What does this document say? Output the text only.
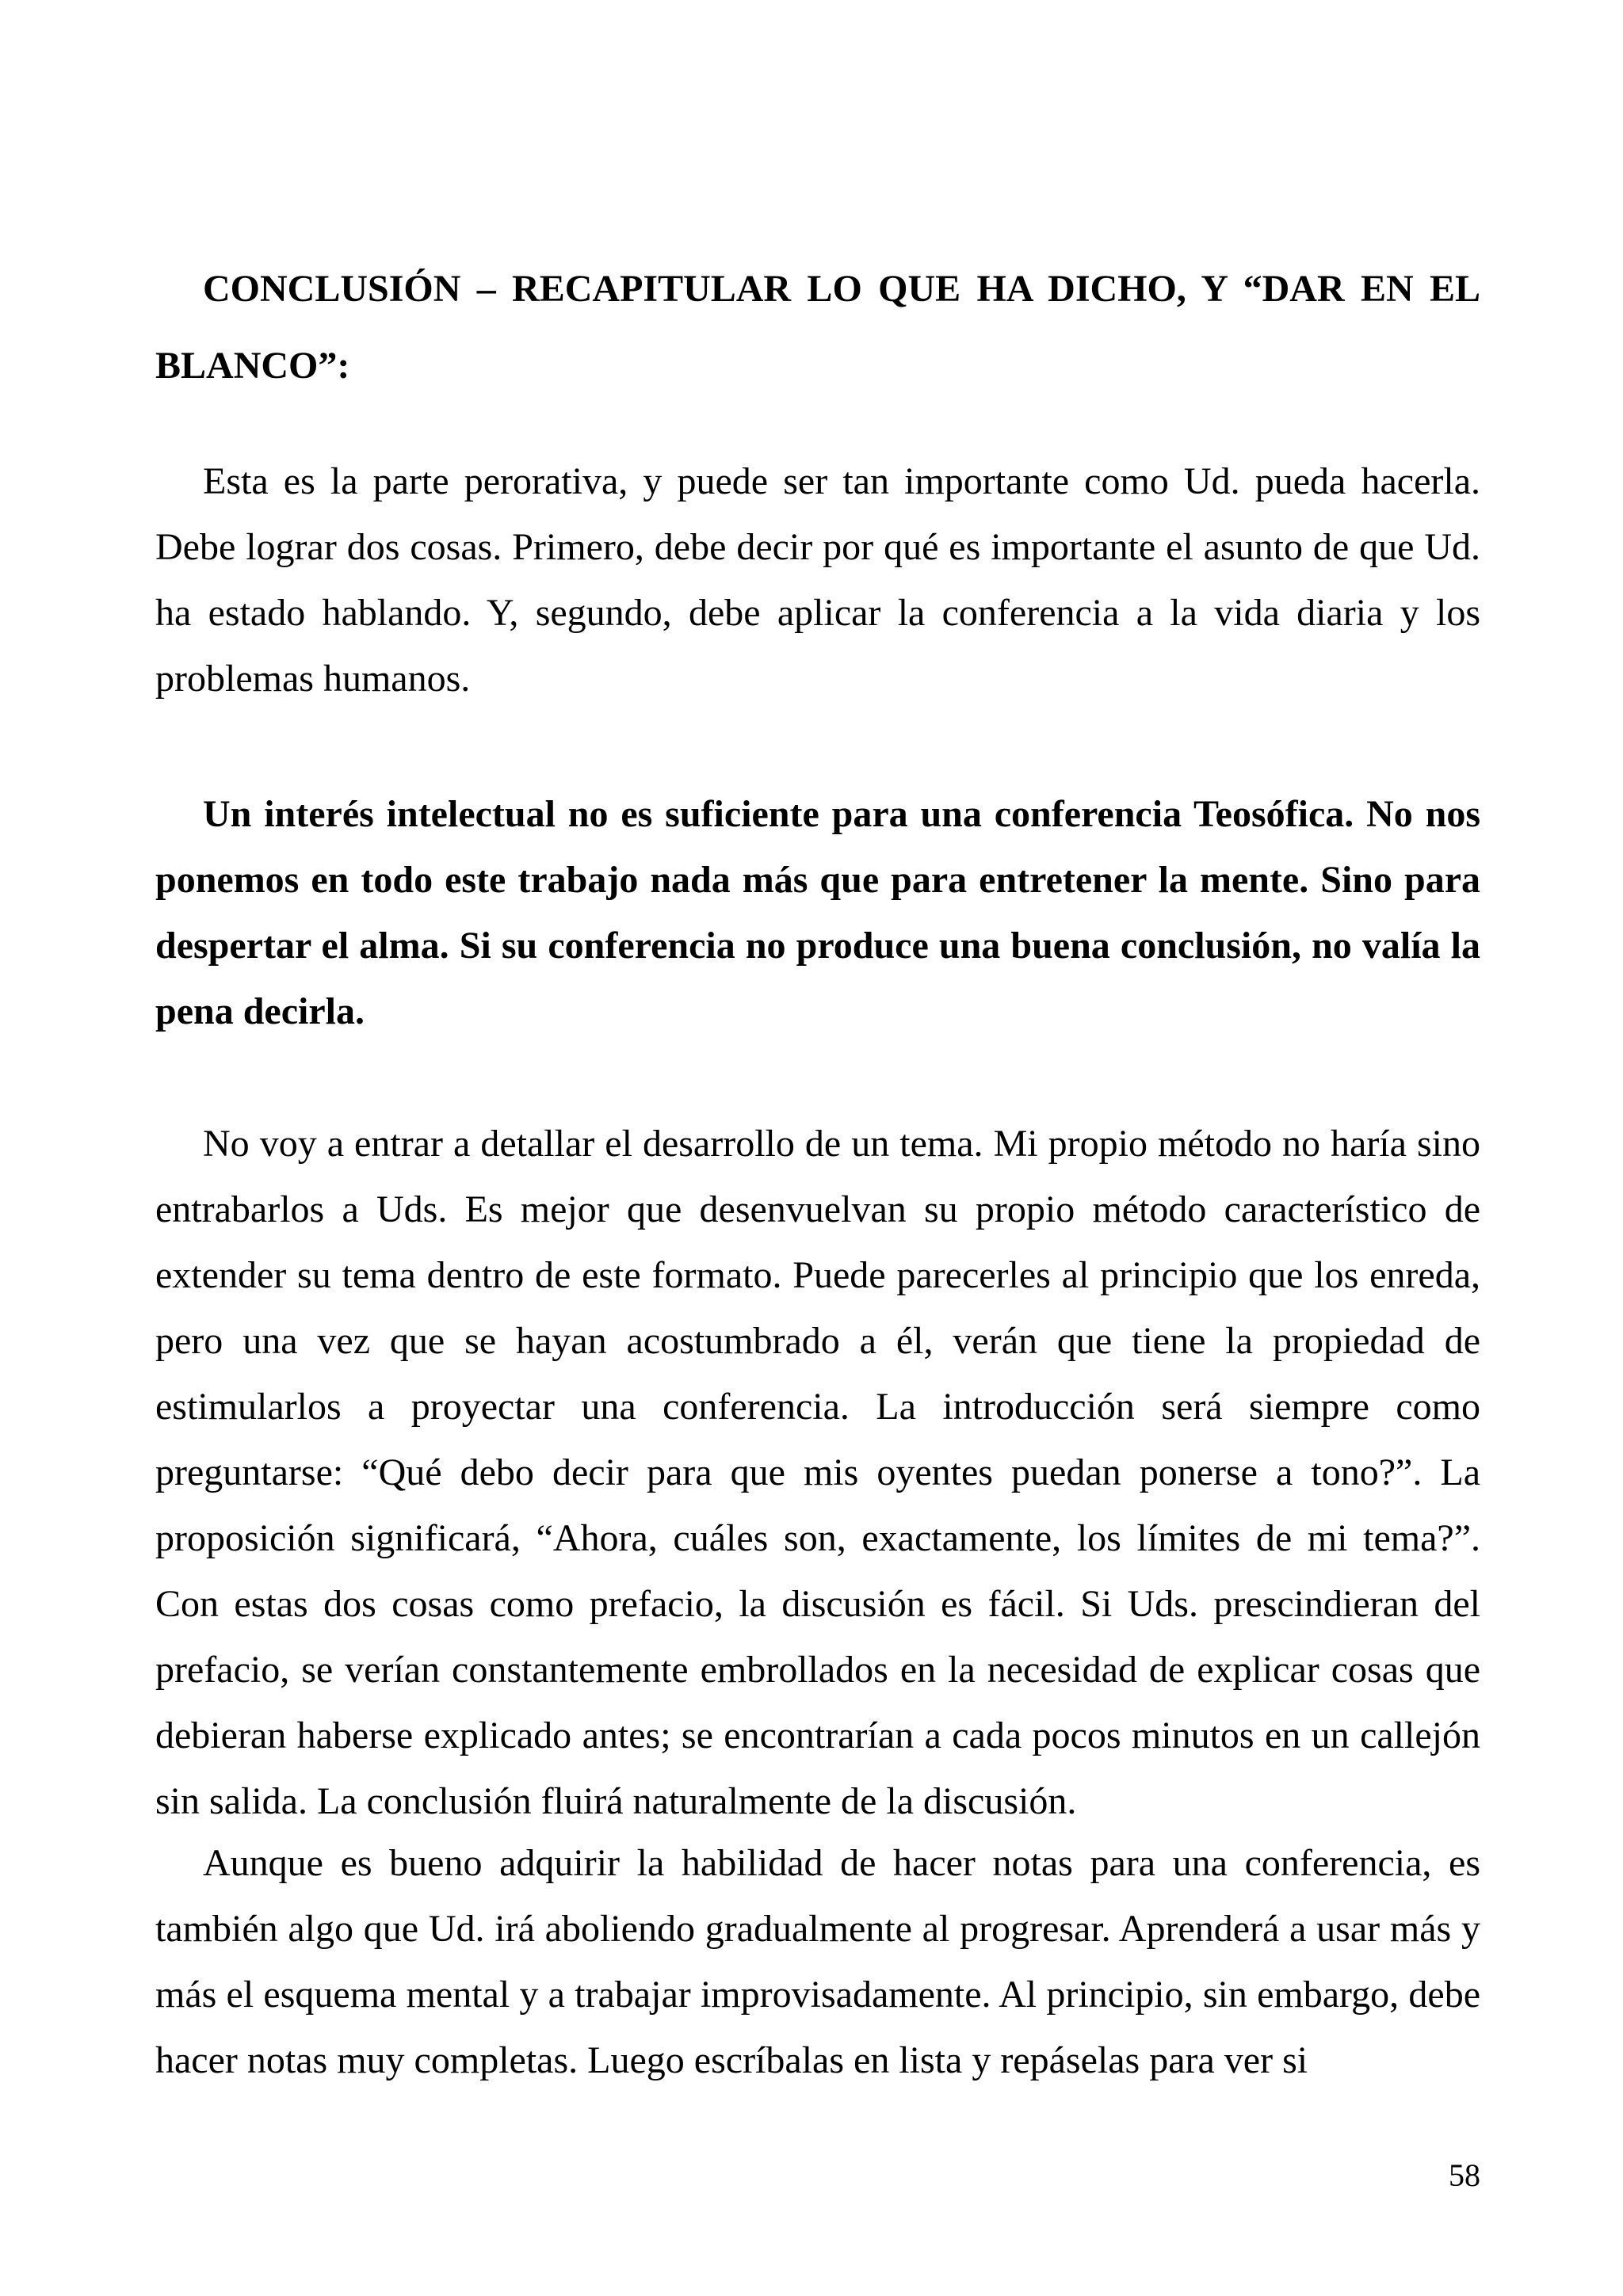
CONCLUSIÓN – RECAPITULAR LO QUE HA DICHO, Y “DAR EN EL BLANCO”:

Esta es la parte perorativa, y puede ser tan importante como Ud. pueda hacerla. Debe lograr dos cosas. Primero, debe decir por qué es importante el asunto de que Ud. ha estado hablando. Y, segundo, debe aplicar la conferencia a la vida diaria y los problemas humanos.

Un interés intelectual no es suficiente para una conferencia Teosófica. No nos ponemos en todo este trabajo nada más que para entretener la mente. Sino para despertar el alma. Si su conferencia no produce una buena conclusión, no valía la pena decirla.

No voy a entrar a detallar el desarrollo de un tema. Mi propio método no haría sino entrabarlos a Uds. Es mejor que desenvuelvan su propio método característico de extender su tema dentro de este formato. Puede parecerles al principio que los enreda, pero una vez que se hayan acostumbrado a él, verán que tiene la propiedad de estimularlos a proyectar una conferencia. La introducción será siempre como preguntarse: “Qué debo decir para que mis oyentes puedan ponerse a tono?”. La proposición significará, “Ahora, cuáles son, exactamente, los límites de mi tema?”. Con estas dos cosas como prefacio, la discusión es fácil. Si Uds. prescindieran del prefacio, se verían constantemente embrollados en la necesidad de explicar cosas que debieran haberse explicado antes; se encontrarían a cada pocos minutos en un callejón sin salida. La conclusión fluirá naturalmente de la discusión.

Aunque es bueno adquirir la habilidad de hacer notas para una conferencia, es también algo que Ud. irá aboliendo gradualmente al progresar. Aprenderá a usar más y más el esquema mental y a trabajar improvisadamente. Al principio, sin embargo, debe hacer notas muy completas. Luego escríbalas en lista y repáselas para ver si

58
